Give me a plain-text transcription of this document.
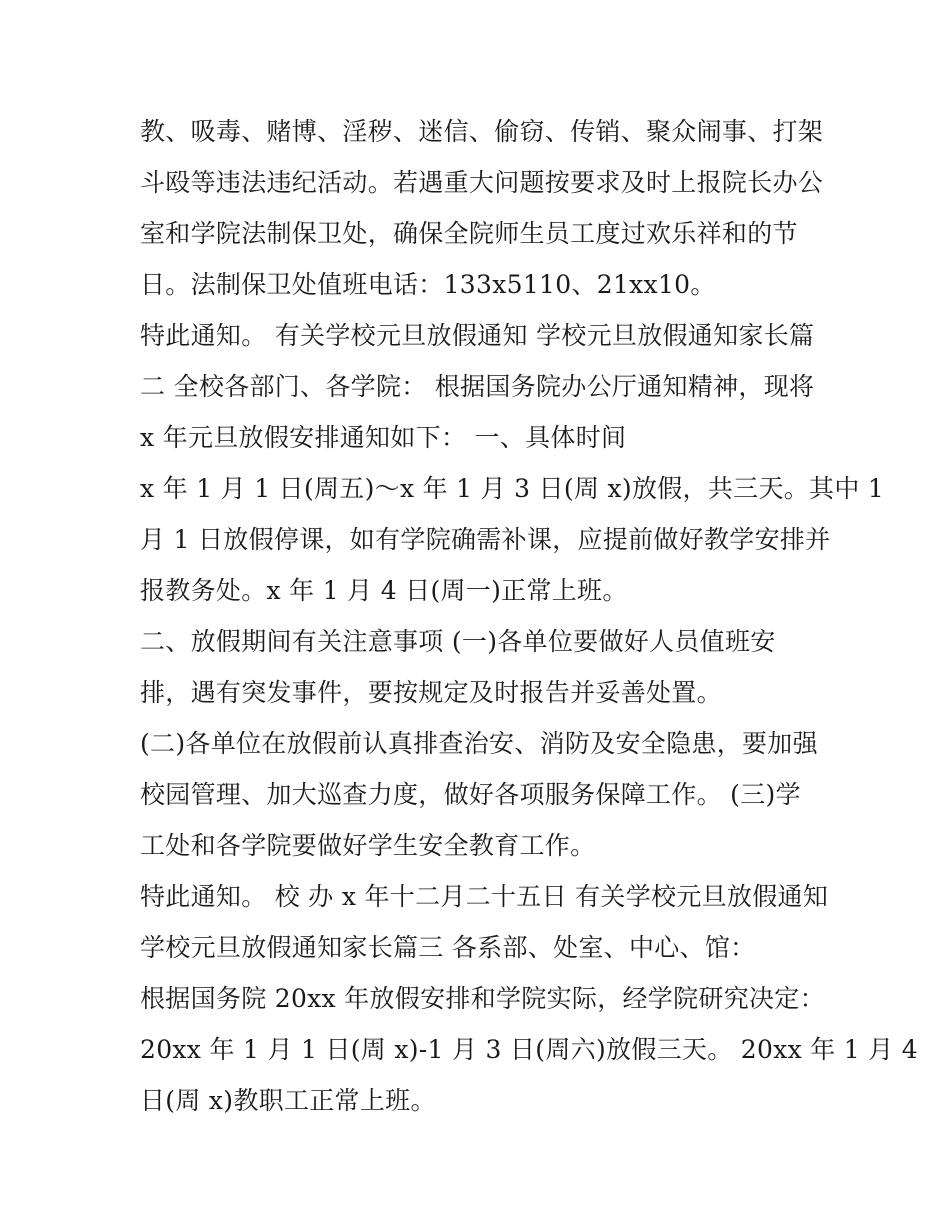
教、吸毒、赌博、淫秽、迷信、偷窃、传销、聚众闹事、打架
斗殴等违法违纪活动。若遇重大问题按要求及时上报院长办公
室和学院法制保卫处，确保全院师生员工度过欢乐祥和的节
日。法制保卫处值班电话：133x5110、21xx10。
特此通知。 有关学校元旦放假通知 学校元旦放假通知家长篇
二 全校各部门、各学院： 根据国务院办公厅通知精神，现将
x 年元旦放假安排通知如下： 一、具体时间
x 年 1 月 1 日(周五)～x 年 1 月 3 日(周 x)放假，共三天。其中 1
月 1 日放假停课，如有学院确需补课，应提前做好教学安排并
报教务处。x 年 1 月 4 日(周一)正常上班。
二、放假期间有关注意事项 (一)各单位要做好人员值班安
排，遇有突发事件，要按规定及时报告并妥善处置。
(二)各单位在放假前认真排查治安、消防及安全隐患，要加强
校园管理、加大巡查力度，做好各项服务保障工作。 (三)学
工处和各学院要做好学生安全教育工作。
特此通知。 校 办 x 年十二月二十五日 有关学校元旦放假通知
学校元旦放假通知家长篇三 各系部、处室、中心、馆：
根据国务院 20xx 年放假安排和学院实际，经学院研究决定：
20xx 年 1 月 1 日(周 x)-1 月 3 日(周六)放假三天。 20xx 年 1 月 4
日(周 x)教职工正常上班。
